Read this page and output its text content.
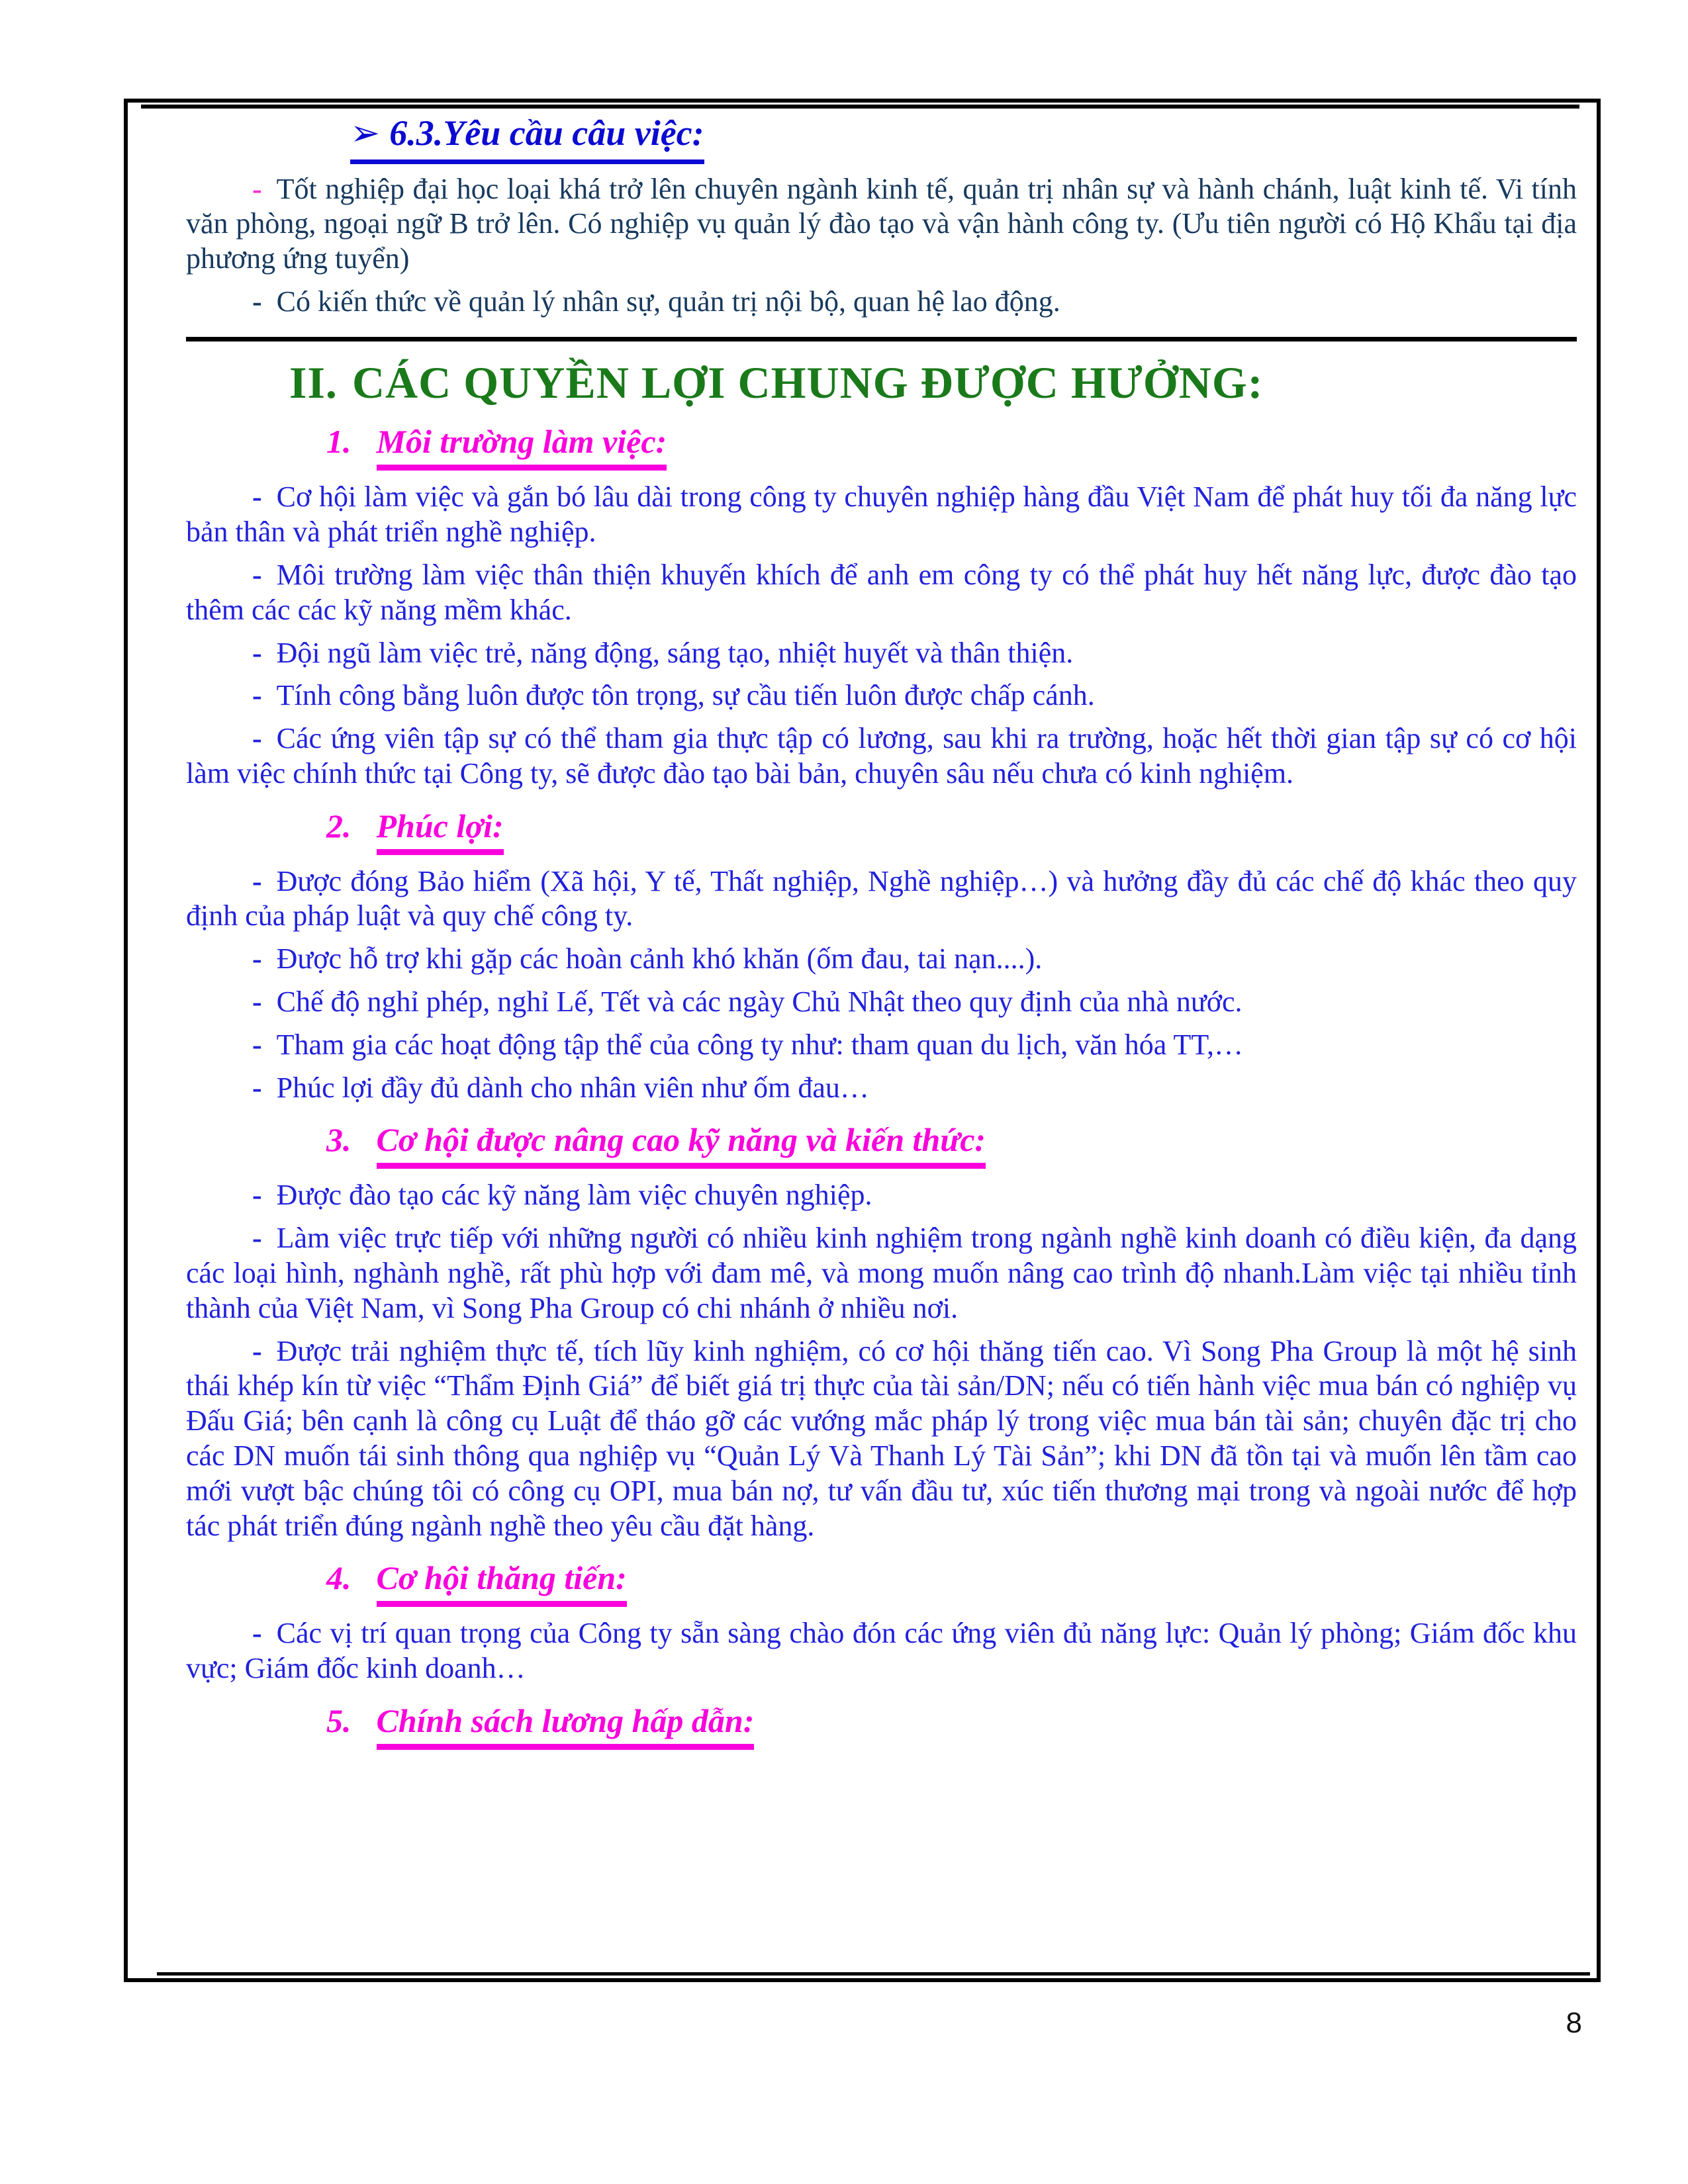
➢ 6.3.Yêu cầu câu việc:

- Tốt nghiệp đại học loại khá trở lên chuyên ngành kinh tế, quản trị nhân sự và hành chánh, luật kinh tế. Vi tính văn phòng, ngoại ngữ B trở lên. Có nghiệp vụ quản lý đào tạo và vận hành công ty. (Ưu tiên người có Hộ Khẩu tại địa phương ứng tuyển)

- Có kiến thức về quản lý nhân sự, quản trị nội bộ, quan hệ lao động.

II. CÁC QUYỀN LỢI CHUNG ĐƯỢC HƯỞNG:
1. Môi trường làm việc:

- Cơ hội làm việc và gắn bó lâu dài trong công ty chuyên nghiệp hàng đầu Việt Nam để phát huy tối đa năng lực bản thân và phát triển nghề nghiệp.

- Môi trường làm việc thân thiện khuyến khích để anh em công ty có thể phát huy hết năng lực, được đào tạo thêm các các kỹ năng mềm khác.

- Đội ngũ làm việc trẻ, năng động, sáng tạo, nhiệt huyết và thân thiện.

- Tính công bằng luôn được tôn trọng, sự cầu tiến luôn được chấp cánh.

- Các ứng viên tập sự có thể tham gia thực tập có lương, sau khi ra trường, hoặc hết thời gian tập sự có cơ hội làm việc chính thức tại Công ty, sẽ được đào tạo bài bản, chuyên sâu nếu chưa có kinh nghiệm.

2. Phúc lợi:

- Được đóng Bảo hiểm (Xã hội, Y tế, Thất nghiệp, Nghề nghiệp…) và hưởng đầy đủ các chế độ khác theo quy định của pháp luật và quy chế công ty.

- Được hỗ trợ khi gặp các hoàn cảnh khó khăn (ốm đau, tai nạn....).

- Chế độ nghỉ phép, nghỉ Lế, Tết và các ngày Chủ Nhật theo quy định của nhà nước.

- Tham gia các hoạt động tập thể của công ty như: tham quan du lịch, văn hóa TT,…

- Phúc lợi đầy đủ dành cho nhân viên như ốm đau…

3. Cơ hội được nâng cao kỹ năng và kiến thức:

- Được đào tạo các kỹ năng làm việc chuyên nghiệp.

- Làm việc trực tiếp với những người có nhiều kinh nghiệm trong ngành nghề kinh doanh có điều kiện, đa dạng các loại hình, nghành nghề, rất phù hợp với đam mê, và mong muốn nâng cao trình độ nhanh.Làm việc tại nhiều tỉnh thành của Việt Nam, vì Song Pha Group có chi nhánh ở nhiều nơi.

- Được trải nghiệm thực tế, tích lũy kinh nghiệm, có cơ hội thăng tiến cao. Vì Song Pha Group là một hệ sinh thái khép kín từ việc “Thẩm Định Giá” để biết giá trị thực của tài sản/DN; nếu có tiến hành việc mua bán có nghiệp vụ Đấu Giá; bên cạnh là công cụ Luật để tháo gỡ các vướng mắc pháp lý trong việc mua bán tài sản; chuyên đặc trị cho các DN muốn tái sinh thông qua nghiệp vụ “Quản Lý Và Thanh Lý Tài Sản”; khi DN đã tồn tại và muốn lên tầm cao mới vượt bậc chúng tôi có công cụ OPI, mua bán nợ, tư vấn đầu tư, xúc tiến thương mại trong và ngoài nước để hợp tác phát triển đúng ngành nghề theo yêu cầu đặt hàng.

4. Cơ hội thăng tiến:

- Các vị trí quan trọng của Công ty sẵn sàng chào đón các ứng viên đủ năng lực: Quản lý phòng; Giám đốc khu vực; Giám đốc kinh doanh…

5. Chính sách lương hấp dẫn:
8
